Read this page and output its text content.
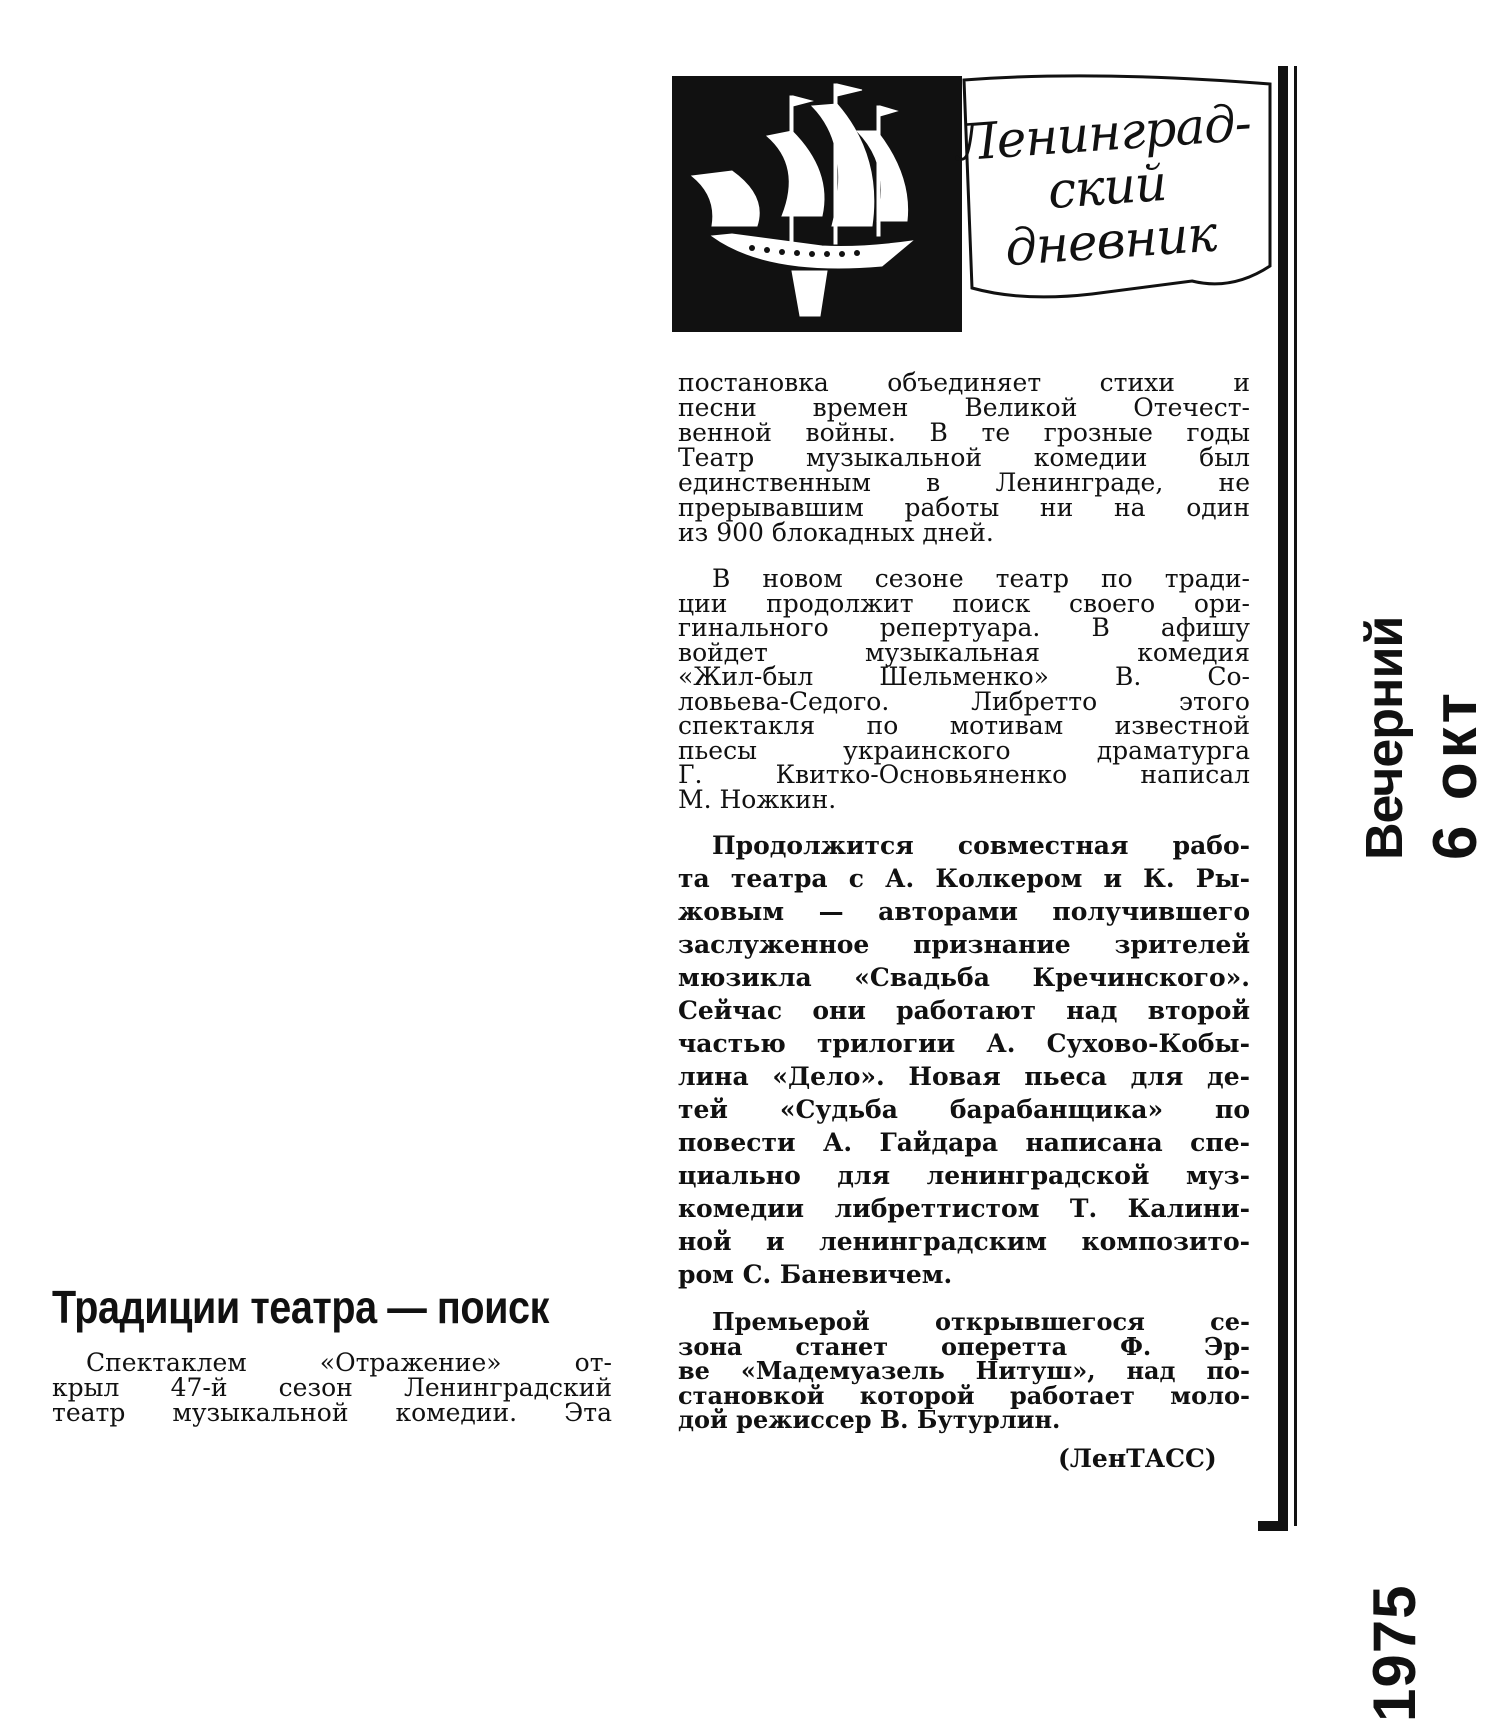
Ленинград-
ский
дневник
Традиции театра — поиск
Спектаклем «Отражение» от-
крыл 47-й сезон Ленинградский
театр музыкальной комедии. Эта
постановка объединяет стихи и
песни времен Великой Отечест-
венной войны. В те грозные годы
Театр музыкальной комедии был
единственным в Ленинграде, не
прерывавшим работы ни на один
из 900 блокадных дней.
В новом сезоне театр по тради-
ции продолжит поиск своего ори-
гинального репертуара. В афишу
войдет музыкальная комедия
«Жил-был Шельменко» В. Со-
ловьева-Седого. Либретто этого
спектакля по мотивам известной
пьесы украинского драматурга
Г. Квитко-Основьяненко написал
М. Ножкин.
Продолжится совместная рабо-
та театра с А. Колкером и К. Ры-
жовым — авторами получившего
заслуженное признание зрителей
мюзикла «Свадьба Кречинского».
Сейчас они работают над второй
частью трилогии А. Сухово-Кобы-
лина «Дело». Новая пьеса для де-
тей «Судьба барабанщика» по
повести А. Гайдара написана спе-
циально для ленинградской муз-
комедии либреттистом Т. Калини-
ной и ленинградским композито-
ром С. Баневичем.
Премьерой открывшегося се-
зона станет оперетта Ф. Эр-
ве «Мадемуазель Нитуш», над по-
становкой которой работает моло-
дой режиссер В. Бутурлин.
(ЛенТАСС)
Вечерний 6 окт
1975
